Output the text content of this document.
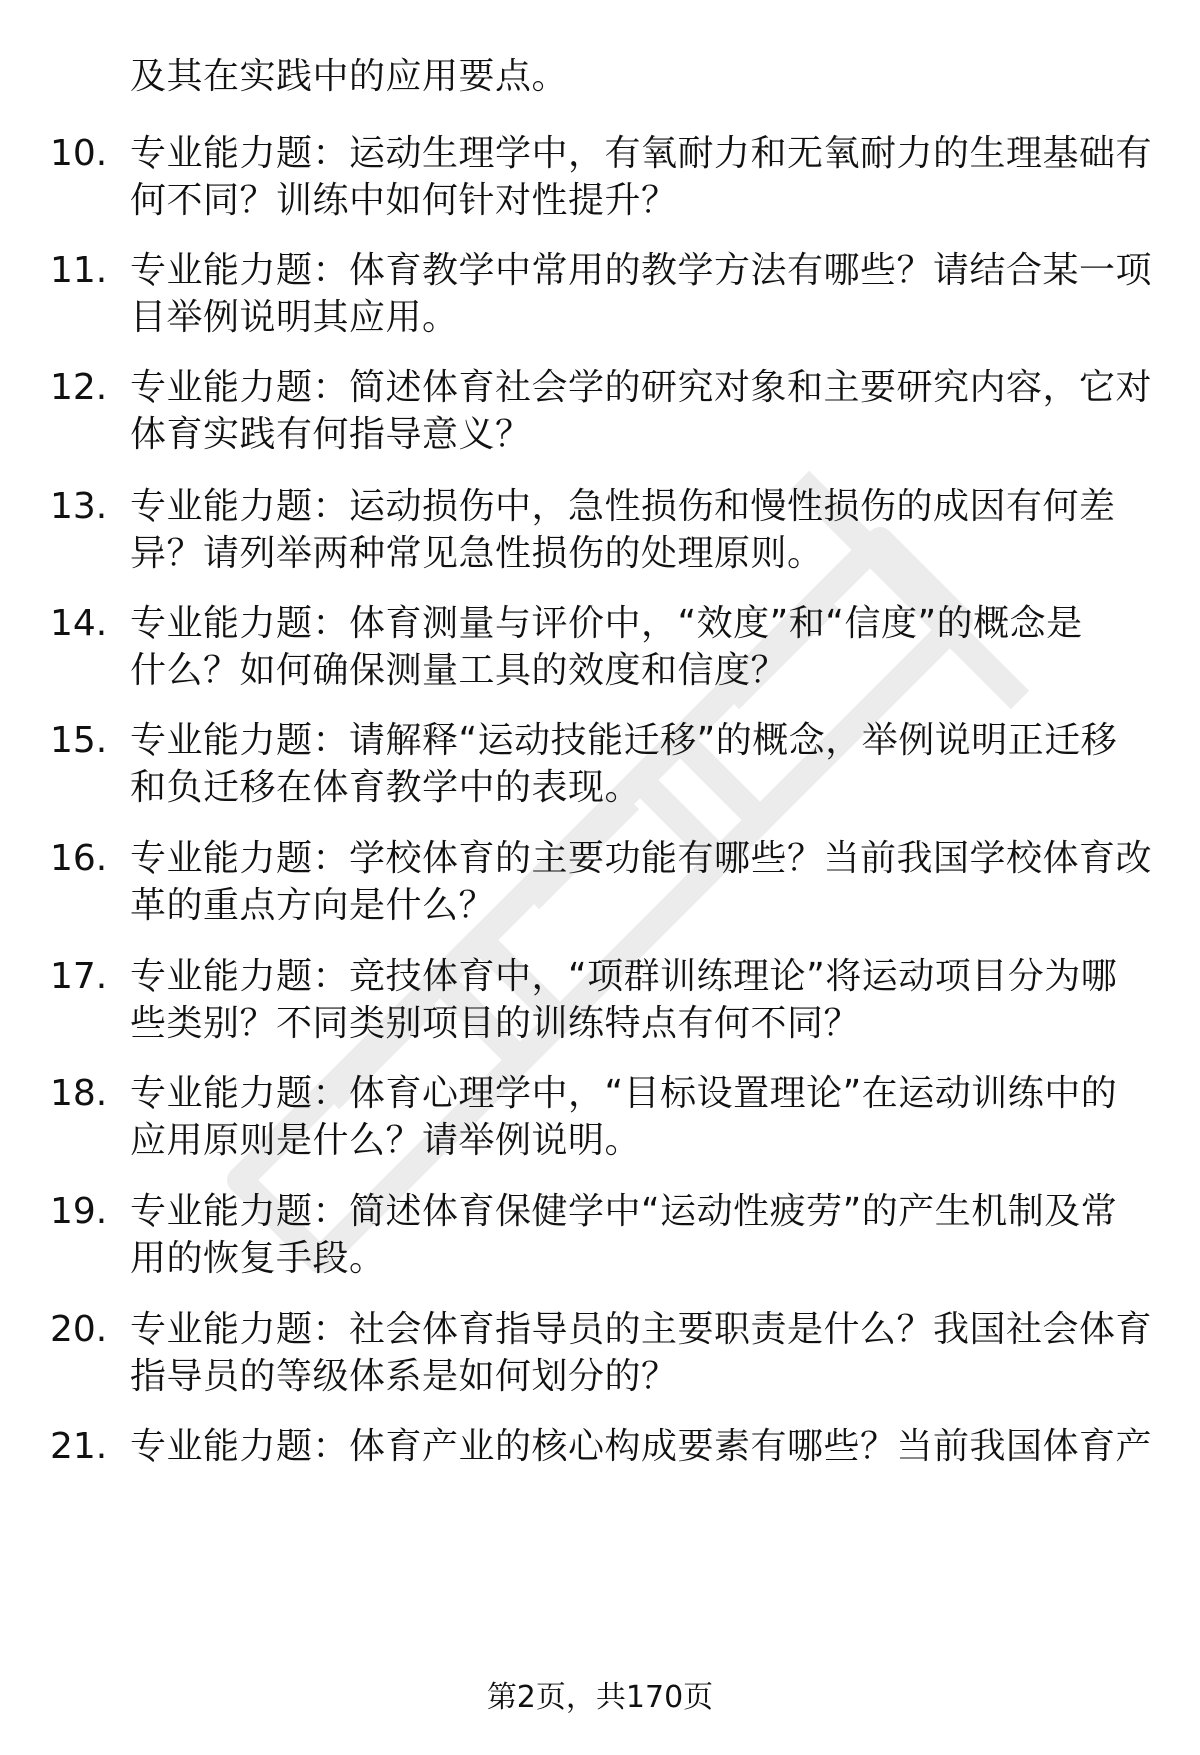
及其在实践中的应用要点。
10. 专业能力题：运动生理学中，有氧耐力和无氧耐力的生理基础有
何不同？训练中如何针对性提升？
11. 专业能力题：体育教学中常用的教学方法有哪些？请结合某一项
目举例说明其应用。
12. 专业能力题：简述体育社会学的研究对象和主要研究内容，它对
体育实践有何指导意义？
13. 专业能力题：运动损伤中，急性损伤和慢性损伤的成因有何差
异？请列举两种常见急性损伤的处理原则。
14. 专业能力题：体育测量与评价中，“效度”和“信度”的概念是
什么？如何确保测量工具的效度和信度？
15. 专业能力题：请解释“运动技能迁移”的概念，举例说明正迁移
和负迁移在体育教学中的表现。
16. 专业能力题：学校体育的主要功能有哪些？当前我国学校体育改
革的重点方向是什么？
17. 专业能力题：竞技体育中，“项群训练理论”将运动项目分为哪
些类别？不同类别项目的训练特点有何不同？
18. 专业能力题：体育心理学中，“目标设置理论”在运动训练中的
应用原则是什么？请举例说明。
19. 专业能力题：简述体育保健学中“运动性疲劳”的产生机制及常
用的恢复手段。
20. 专业能力题：社会体育指导员的主要职责是什么？我国社会体育
指导员的等级体系是如何划分的？
21. 专业能力题：体育产业的核心构成要素有哪些？当前我国体育产
第2页，共170页
